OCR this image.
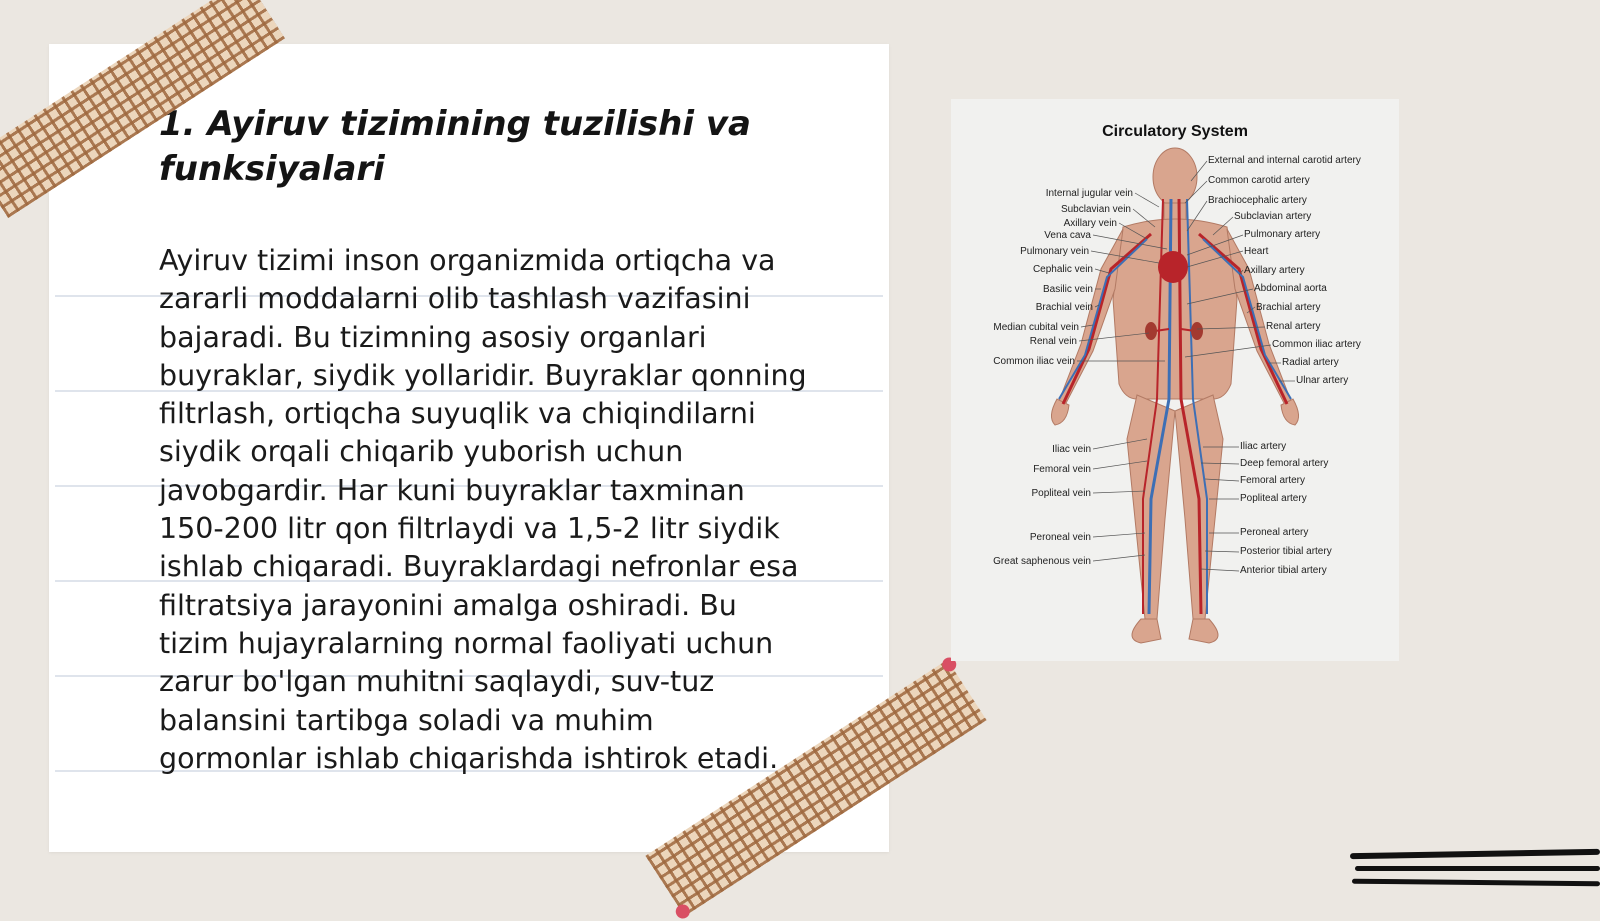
1. Ayiruv tizimining tuzilishi va funksiyalari

Ayiruv tizimi inson organizmida ortiqcha va
zararli moddalarni olib tashlash vazifasini
bajaradi. Bu tizimning asosiy organlari
buyraklar, siydik yollaridir. Buyraklar qonning
filtrlash, ortiqcha suyuqlik va chiqindilarni
siydik orqali chiqarib yuborish uchun
javobgardir. Har kuni buyraklar taxminan
150-200 litr qon filtrlaydi va 1,5-2 litr siydik
ishlab chiqaradi. Buyraklardagi nefronlar esa
filtratsiya jarayonini amalga oshiradi. Bu
tizim hujayralarning normal faoliyati uchun
zarur bo'lgan muhitni saqlaydi, suv-tuz
balansini tartibga soladi va muhim
gormonlar ishlab chiqarishda ishtirok etadi.

External and internal carotid artery
Common carotid artery
Brachiocephalic artery
Subclavian artery
Pulmonary artery
Heart
Axillary artery
Abdominal aorta
Brachial artery
Renal artery
Common iliac artery
Radial artery
Ulnar artery
Iliac artery
Deep femoral artery
Femoral artery
Popliteal artery
Peroneal artery
Posterior tibial artery
Anterior tibial artery
Internal jugular vein
Subclavian vein
Axillary vein
Vena cava
Pulmonary vein
Cephalic vein
Basilic vein
Brachial vein
Median cubital vein
Renal vein
Common iliac vein
Iliac vein
Femoral vein
Popliteal vein
Peroneal vein
Great saphenous vein
Circulatory System
